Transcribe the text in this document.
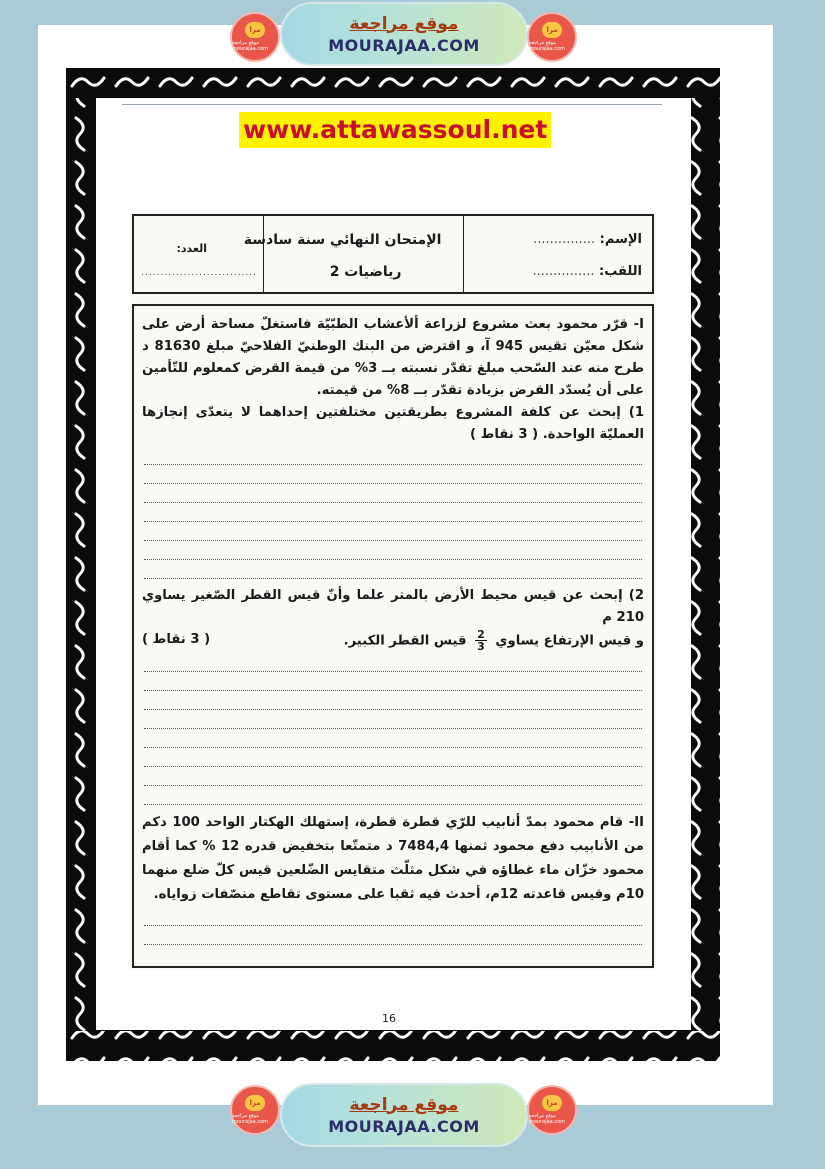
مرا
موقع مراجعة mourajaa.com
موقع مراجعة
MOURAJAA.COM
مرا
موقع مراجعة mourajaa.com
www.attawassoul.net
الإسم: ...............
اللقب: ...............
الإمتحان النهائي سنة سادسة
رياضيات 2
العدد:
..............................

I- قرّر محمود بعث مشروع لزراعة ألأعشاب الطبّيّة فاستغلّ مساحة أرض على شكل معيّن تقيس 945 آ، و اقترض من البنك الوطنيّ الفلاحيّ مبلغ 81630 د طرح منه عند السّحب مبلغ تقدّر نسبته بــ 3% من قيمة القرض كمعلوم للتّأمين على أن يُسدّد القرض بزيادة تقدّر بــ 8% من قيمته.

1) إبحث عن كلفة المشروع بطريقتين مختلفتين إحداهما لا يتعدّى إنجازها العمليّة الواحدة. ( 3 نقاط )

2) إبحث عن قيس محيط الأرض بالمتر علما وأنّ قيس القطر الصّغير يساوي 210 م

و قيس الإرتفاع يساوي
$\frac{2}{3}$ قيس القطر الكبير.
( 3 نقاط )

II- قام محمود بمدّ أنابيب للرّي قطرة قطرة، إستهلك الهكتار الواحد 100 دكم من الأنابيب دفع محمود ثمنها 7484,4 د متمتّعا بتخفيض قدره 12 % كما أقام محمود خزّان ماء غطاؤه في شكل مثلّث متقايس الضّلعين قيس كلّ ضلع منهما 10م وقيس قاعدته 12م، أحدث فيه ثقبا على مستوى تقاطع منصّفات زواياه.

16
مرا
موقع مراجعة mourajaa.com
موقع مراجعة
MOURAJAA.COM
مرا
موقع مراجعة mourajaa.com
